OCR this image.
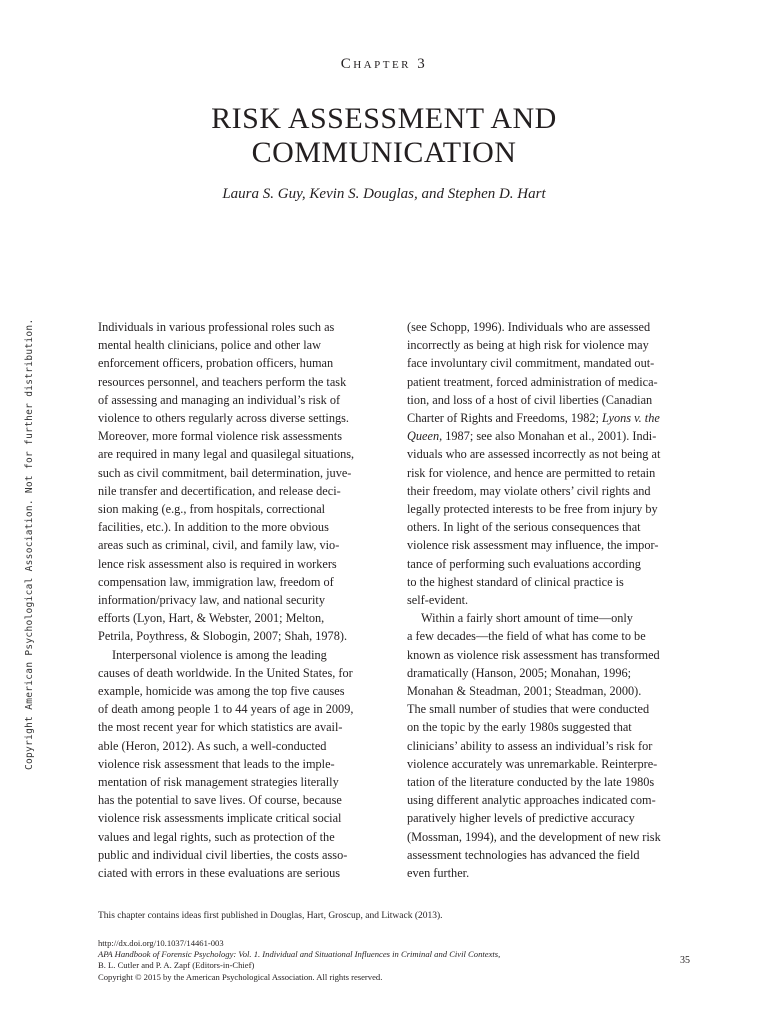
Chapter 3
RISK ASSESSMENT AND
COMMUNICATION
Laura S. Guy, Kevin S. Douglas, and Stephen D. Hart
Copyright American Psychological Association. Not for further distribution.	Individuals in various professional roles such as
mental health clinicians, police and other law
enforcement officers, probation officers, human
resources personnel, and teachers perform the task
of assessing and managing an individual’s risk of
violence to others regularly across diverse settings.
Moreover, more formal violence risk assessments
are required in many legal and quasilegal situations,
such as civil commitment, bail determination, juve-
nile transfer and decertification, and release deci-
sion making (e.g., from hospitals, correctional
facilities, etc.). In addition to the more obvious
areas such as criminal, civil, and family law, vio-
lence risk assessment also is required in workers
compensation law, immigration law, freedom of
information/privacy law, and national security
efforts (Lyon, Hart, & Webster, 2001; Melton,
Petrila, Poythress, & Slobogin, 2007; Shah, 1978).
Interpersonal violence is among the leading
causes of death worldwide. In the United States, for
example, homicide was among the top five causes
of death among people 1 to 44 years of age in 2009,
the most recent year for which statistics are avail-
able (Heron, 2012). As such, a well-conducted
violence risk assessment that leads to the imple-
mentation of risk management strategies literally
has the potential to save lives. Of course, because
violence risk assessments implicate critical social
values and legal rights, such as protection of the
public and individual civil liberties, the costs asso-
ciated with errors in these evaluations are serious
(see Schopp, 1996). Individuals who are assessed
incorrectly as being at high risk for violence may
face involuntary civil commitment, mandated out-
patient treatment, forced administration of medica-
tion, and loss of a host of civil liberties (Canadian
Charter of Rights and Freedoms, 1982; Lyons v. the
Queen, 1987; see also Monahan et al., 2001). Indi-
viduals who are assessed incorrectly as not being at
risk for violence, and hence are permitted to retain
their freedom, may violate others’ civil rights and
legally protected interests to be free from injury by
others. In light of the serious consequences that
violence risk assessment may influence, the impor-
tance of performing such evaluations according
to the highest standard of clinical practice is
self-evident.
Within a fairly short amount of time—only
a few decades—the field of what has come to be
known as violence risk assessment has transformed
dramatically (Hanson, 2005; Monahan, 1996;
Monahan & Steadman, 2001; Steadman, 2000).
The small number of studies that were conducted
on the topic by the early 1980s suggested that
clinicians’ ability to assess an individual’s risk for
violence accurately was unremarkable. Reinterpre-
tation of the literature conducted by the late 1980s
using different analytic approaches indicated com-
paratively higher levels of predictive accuracy
(Mossman, 1994), and the development of new risk
assessment technologies has advanced the field
even further.
This chapter contains ideas first published in Douglas, Hart, Groscup, and Litwack (2013).
http://dx.doi.org/10.1037/14461-003
APA Handbook of Forensic Psychology: Vol. 1. Individual and Situational Influences in Criminal and Civil Contexts,
B. L. Cutler and P. A. Zapf (Editors-in-Chief)
Copyright © 2015 by the American Psychological Association. All rights reserved.
35
